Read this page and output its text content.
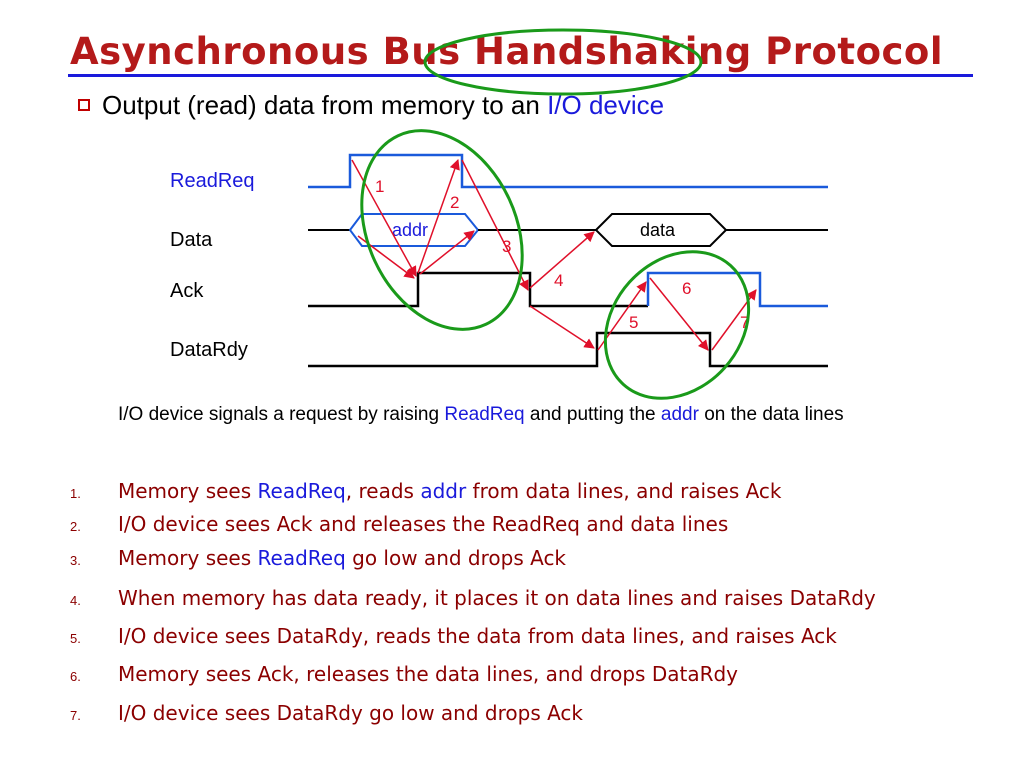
Asynchronous Bus Handshaking Protocol
Output (read) data from memory to an I/O device
ReadReq
Data
Ack
DataRdy
addr	data
1
2
3
4
5
6
7
I/O device signals a request by raising ReadReq and putting the addr on the data lines
1. Memory sees ReadReq, reads addr from data lines, and raises Ack
2. I/O device sees Ack and releases the ReadReq and data lines
3. Memory sees ReadReq go low and drops Ack
4. When memory has data ready, it places it on data lines and raises DataRdy
5. I/O device sees DataRdy, reads the data from data lines, and raises Ack
6. Memory sees Ack, releases the data lines, and drops DataRdy
7. I/O device sees DataRdy go low and drops Ack
